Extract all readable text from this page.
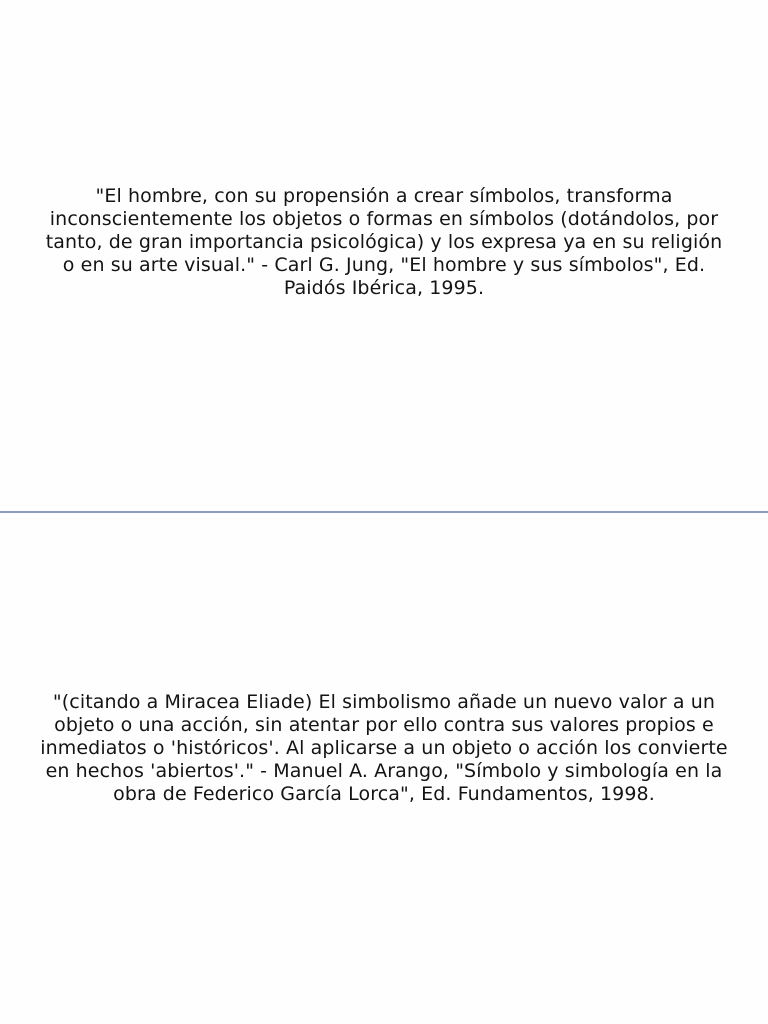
"El hombre, con su propensión a crear símbolos, transforma inconscientemente los objetos o formas en símbolos (dotándolos, por tanto, de gran importancia psicológica) y los expresa ya en su religión o en su arte visual." - Carl G. Jung, "El hombre y sus símbolos", Ed. Paidós Ibérica, 1995.

"(citando a Miracea Eliade) El simbolismo añade un nuevo valor a un objeto o una acción, sin atentar por ello contra sus valores propios e inmediatos o 'históricos'. Al aplicarse a un objeto o acción los convierte en hechos 'abiertos'." - Manuel A. Arango, "Símbolo y simbología en la obra de Federico García Lorca", Ed. Fundamentos, 1998.
